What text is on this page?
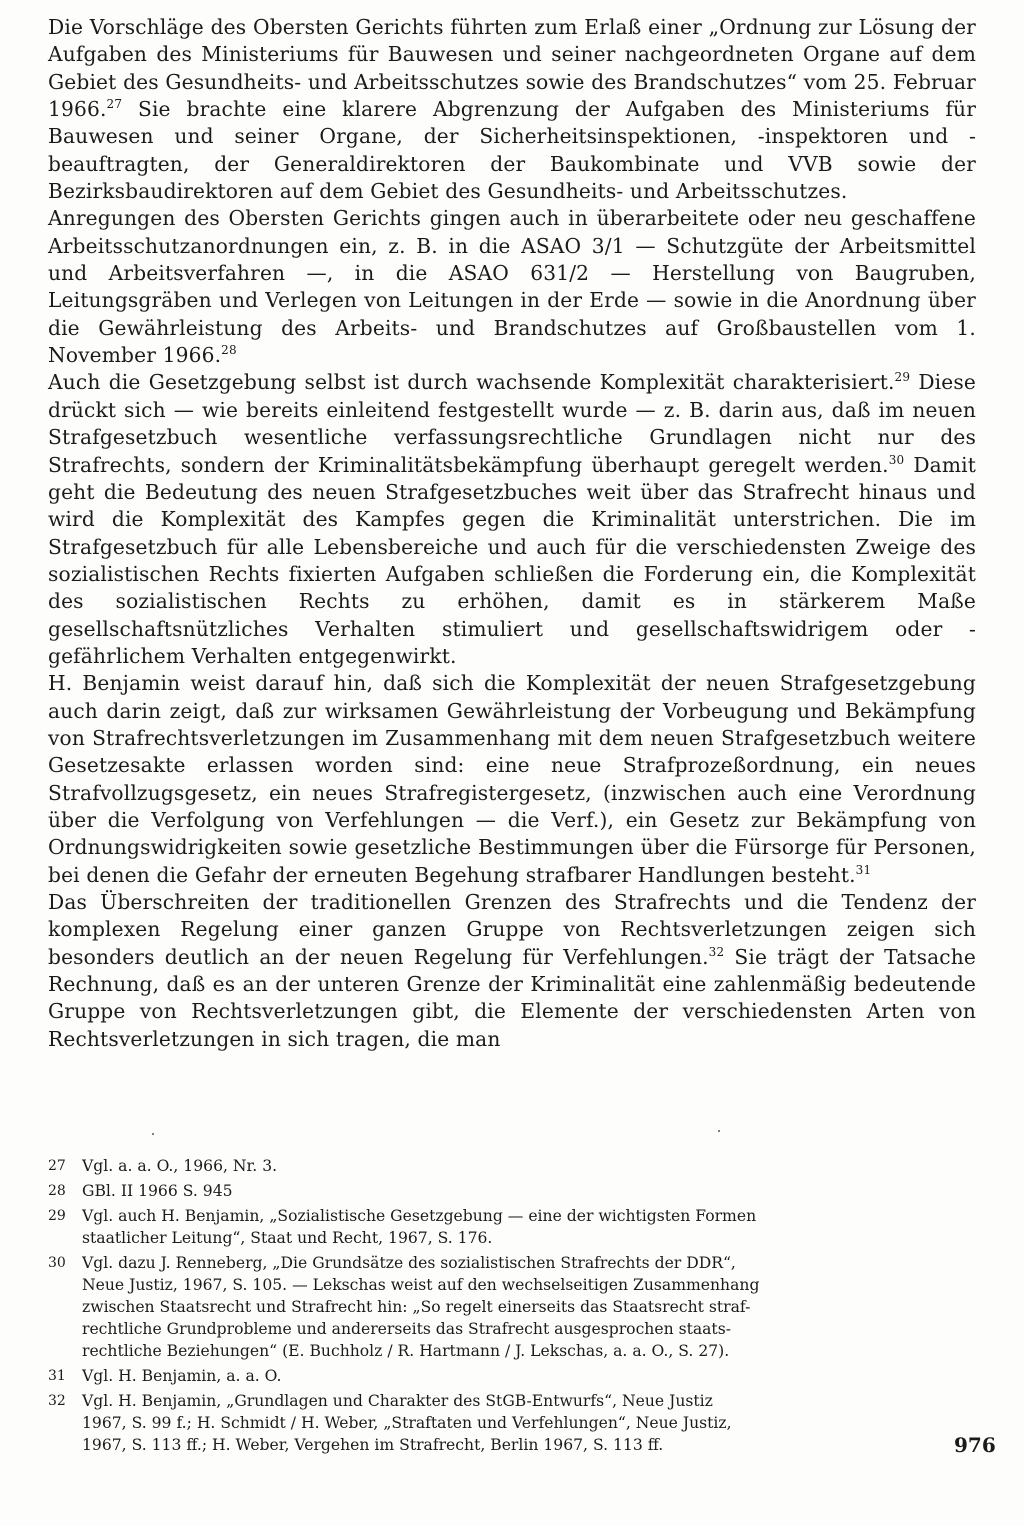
Die Vorschläge des Obersten Gerichts führten zum Erlaß einer „Ordnung zur Lösung der Aufgaben des Ministeriums für Bauwesen und seiner nachgeordneten Organe auf dem Gebiet des Gesundheits- und Arbeitsschutzes sowie des Brandschutzes“ vom 25. Februar 1966.27 Sie brachte eine klarere Abgrenzung der Aufgaben des Ministeriums für Bauwesen und seiner Organe, der Sicherheitsinspektionen, -inspektoren und -beauftragten, der Generaldirektoren der Baukombinate und VVB sowie der Bezirksbaudirektoren auf dem Gebiet des Gesundheits- und Arbeitsschutzes.

Anregungen des Obersten Gerichts gingen auch in überarbeitete oder neu geschaffene Arbeitsschutzanordnungen ein, z. B. in die ASAO 3/1 — Schutzgüte der Arbeitsmittel und Arbeitsverfahren —, in die ASAO 631/2 — Herstellung von Baugruben, Leitungsgräben und Verlegen von Leitungen in der Erde — sowie in die Anordnung über die Gewährleistung des Arbeits- und Brandschutzes auf Großbaustellen vom 1. November 1966.28

Auch die Gesetzgebung selbst ist durch wachsende Komplexität charakterisiert.$^{29}$ Diese drückt sich — wie bereits einleitend festgestellt wurde — z. B. darin aus, daß im neuen Strafgesetzbuch wesentliche verfassungsrechtliche Grundlagen nicht nur des Strafrechts, sondern der Kriminalitätsbekämpfung überhaupt geregelt werden.$^{30}$ Damit geht die Bedeutung des neuen Strafgesetzbuches weit über das Strafrecht hinaus und wird die Komplexität des Kampfes gegen die Kriminalität unterstrichen. Die im Strafgesetzbuch für alle Lebensbereiche und auch für die verschiedensten Zweige des sozialistischen Rechts fixierten Aufgaben schließen die Forderung ein, die Komplexität des sozialistischen Rechts zu erhöhen, damit es in stärkerem Maße gesellschaftsnützliches Verhalten stimuliert und gesellschaftswidrigem oder -gefährlichem Verhalten entgegenwirkt.

H. Benjamin weist darauf hin, daß sich die Komplexität der neuen Strafgesetzgebung auch darin zeigt, daß zur wirksamen Gewährleistung der Vorbeugung und Bekämpfung von Strafrechtsverletzungen im Zusammenhang mit dem neuen Strafgesetzbuch weitere Gesetzesakte erlassen worden sind: eine neue Strafprozeßordnung, ein neues Strafvollzugsgesetz, ein neues Strafregistergesetz, (inzwischen auch eine Verordnung über die Verfolgung von Verfehlungen — die Verf.), ein Gesetz zur Bekämpfung von Ordnungswidrigkeiten sowie gesetzliche Bestimmungen über die Fürsorge für Personen, bei denen die Gefahr der erneuten Begehung strafbarer Handlungen besteht.$^{31}$

Das Überschreiten der traditionellen Grenzen des Strafrechts und die Tendenz der komplexen Regelung einer ganzen Gruppe von Rechtsverletzungen zeigen sich besonders deutlich an der neuen Regelung für Verfehlungen.$^{32}$ Sie trägt der Tatsache Rechnung, daß es an der unteren Grenze der Kriminalität eine zahlenmäßig bedeutende Gruppe von Rechtsverletzungen gibt, die Elemente der verschiedensten Arten von Rechtsverletzungen in sich tragen, die man

27 Vgl. a. a. O., 1966, Nr. 3.
28 GBl. II 1966 S. 945
29 Vgl. auch H. Benjamin, „Sozialistische Gesetzgebung — eine der wichtigsten Formen
staatlicher Leitung“, Staat und Recht, 1967, S. 176.
30 Vgl. dazu J. Renneberg, „Die Grundsätze des sozialistischen Strafrechts der DDR“,
Neue Justiz, 1967, S. 105. — Lekschas weist auf den wechselseitigen Zusammenhang
zwischen Staatsrecht und Strafrecht hin: „So regelt einerseits das Staatsrecht straf-
rechtliche Grundprobleme und andererseits das Strafrecht ausgesprochen staats-
rechtliche Beziehungen“ (E. Buchholz / R. Hartmann / J. Lekschas, a. a. O., S. 27).
31 Vgl. H. Benjamin, a. a. O.
32 Vgl. H. Benjamin, „Grundlagen und Charakter des StGB-Entwurfs“, Neue Justiz
1967, S. 99 f.; H. Schmidt / H. Weber, „Straftaten und Verfehlungen“, Neue Justiz,
1967, S. 113 ff.; H. Weber, Vergehen im Strafrecht, Berlin 1967, S. 113 ff.	976
